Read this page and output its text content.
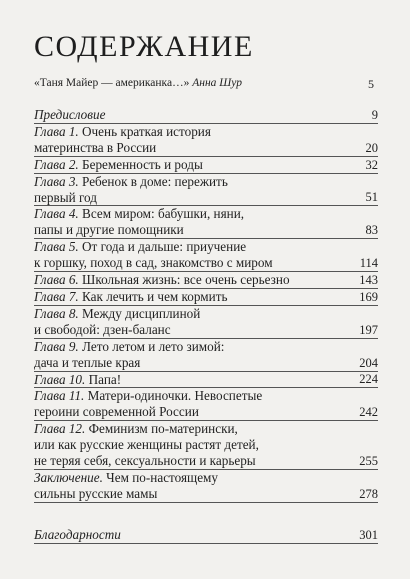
СОДЕРЖАНИЕ
«Таня Майер — американка…» Анна Шур	5
Предисловие	9
Глава 1. Очень краткая история
материнства в России	20
Глава 2. Беременность и роды	32
Глава 3. Ребенок в доме: пережить
первый год	51
Глава 4. Всем миром: бабушки, няни,
папы и другие помощники	83
Глава 5. От года и дальше: приучение
к горшку, поход в сад, знакомство с миром	114
Глава 6. Школьная жизнь: все очень серьезно	143
Глава 7. Как лечить и чем кормить	169
Глава 8. Между дисциплиной
и свободой: дзен-баланс	197
Глава 9. Лето летом и лето зимой:
дача и теплые края	204
Глава 10. Папа!	224
Глава 11. Матери-одиночки. Невоспетые
героини современной России	242
Глава 12. Феминизм по-матерински,
или как русские женщины растят детей,
не теряя себя, сексуальности и карьеры	255
Заключение. Чем по-настоящему
сильны русские мамы	278
Благодарности	301
